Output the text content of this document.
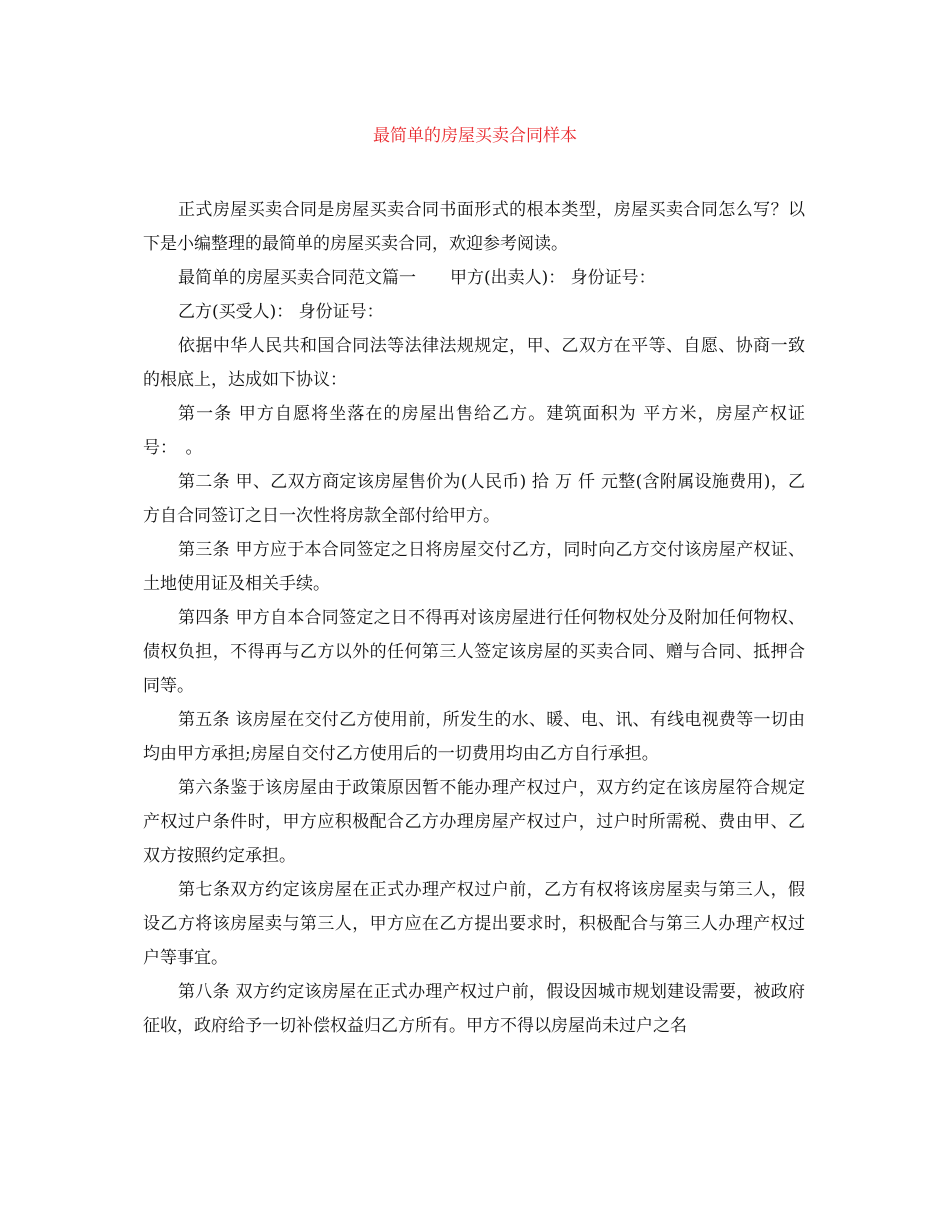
最简单的房屋买卖合同样本

正式房屋买卖合同是房屋买卖合同书面形式的根本类型，房屋买卖合同怎么写？以下是小编整理的最简单的房屋买卖合同，欢迎参考阅读。

最简单的房屋买卖合同范文篇一　　甲方(出卖人)： 身份证号：

乙方(买受人)： 身份证号：

依据中华人民共和国合同法等法律法规规定，甲、乙双方在平等、自愿、协商一致的根底上，达成如下协议：

第一条 甲方自愿将坐落在的房屋出售给乙方。建筑面积为 平方米，房屋产权证号：　。

第二条 甲、乙双方商定该房屋售价为(人民币) 拾 万 仟 元整(含附属设施费用)，乙方自合同签订之日一次性将房款全部付给甲方。

第三条 甲方应于本合同签定之日将房屋交付乙方，同时向乙方交付该房屋产权证、土地使用证及相关手续。

第四条 甲方自本合同签定之日不得再对该房屋进行任何物权处分及附加任何物权、债权负担，不得再与乙方以外的任何第三人签定该房屋的买卖合同、赠与合同、抵押合同等。

第五条 该房屋在交付乙方使用前，所发生的水、暖、电、讯、有线电视费等一切由均由甲方承担;房屋自交付乙方使用后的一切费用均由乙方自行承担。

第六条鉴于该房屋由于政策原因暂不能办理产权过户，双方约定在该房屋符合规定产权过户条件时，甲方应积极配合乙方办理房屋产权过户，过户时所需税、费由甲、乙双方按照约定承担。

第七条双方约定该房屋在正式办理产权过户前，乙方有权将该房屋卖与第三人，假设乙方将该房屋卖与第三人，甲方应在乙方提出要求时，积极配合与第三人办理产权过户等事宜。

第八条 双方约定该房屋在正式办理产权过户前，假设因城市规划建设需要，被政府征收，政府给予一切补偿权益归乙方所有。甲方不得以房屋尚未过户之名
